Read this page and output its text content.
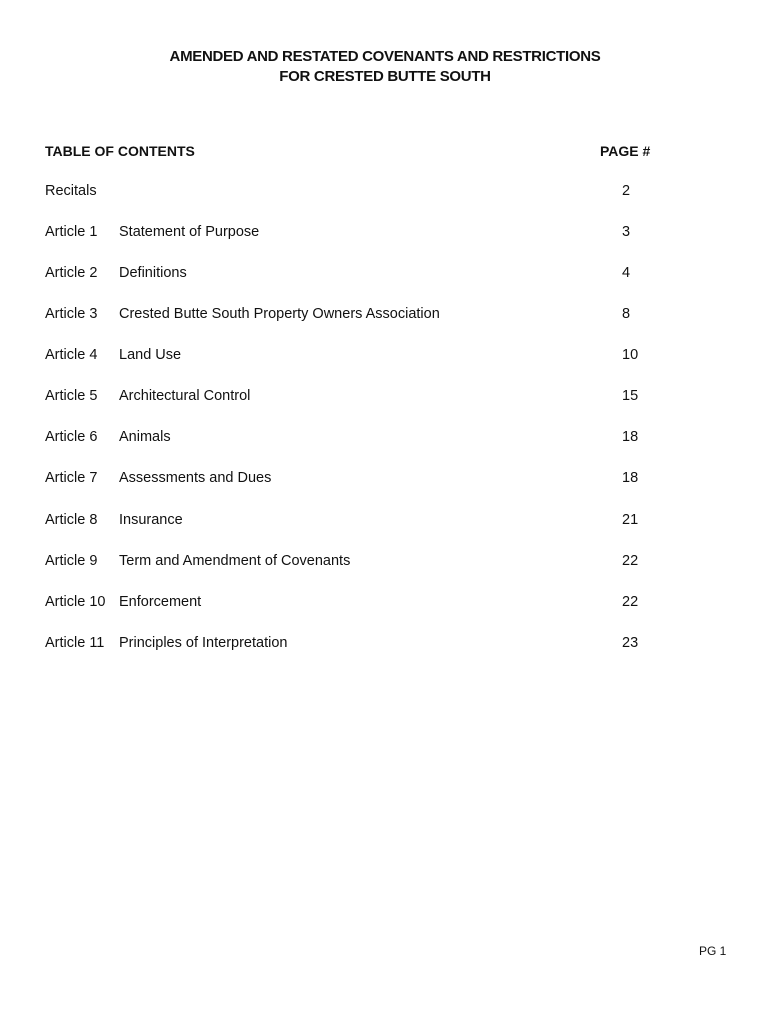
AMENDED AND RESTATED COVENANTS AND RESTRICTIONS
FOR CRESTED BUTTE SOUTH
TABLE OF CONTENTS	PAGE #
Recitals	2
Article 1 Statement of Purpose	3
Article 2 Definitions	4
Article 3 Crested Butte South Property Owners Association	8
Article 4 Land Use	10
Article 5 Architectural Control	15
Article 6 Animals	18
Article 7 Assessments and Dues	18
Article 8 Insurance	21
Article 9 Term and Amendment of Covenants	22
Article 10 Enforcement	22
Article 11 Principles of Interpretation	23
PG 1
